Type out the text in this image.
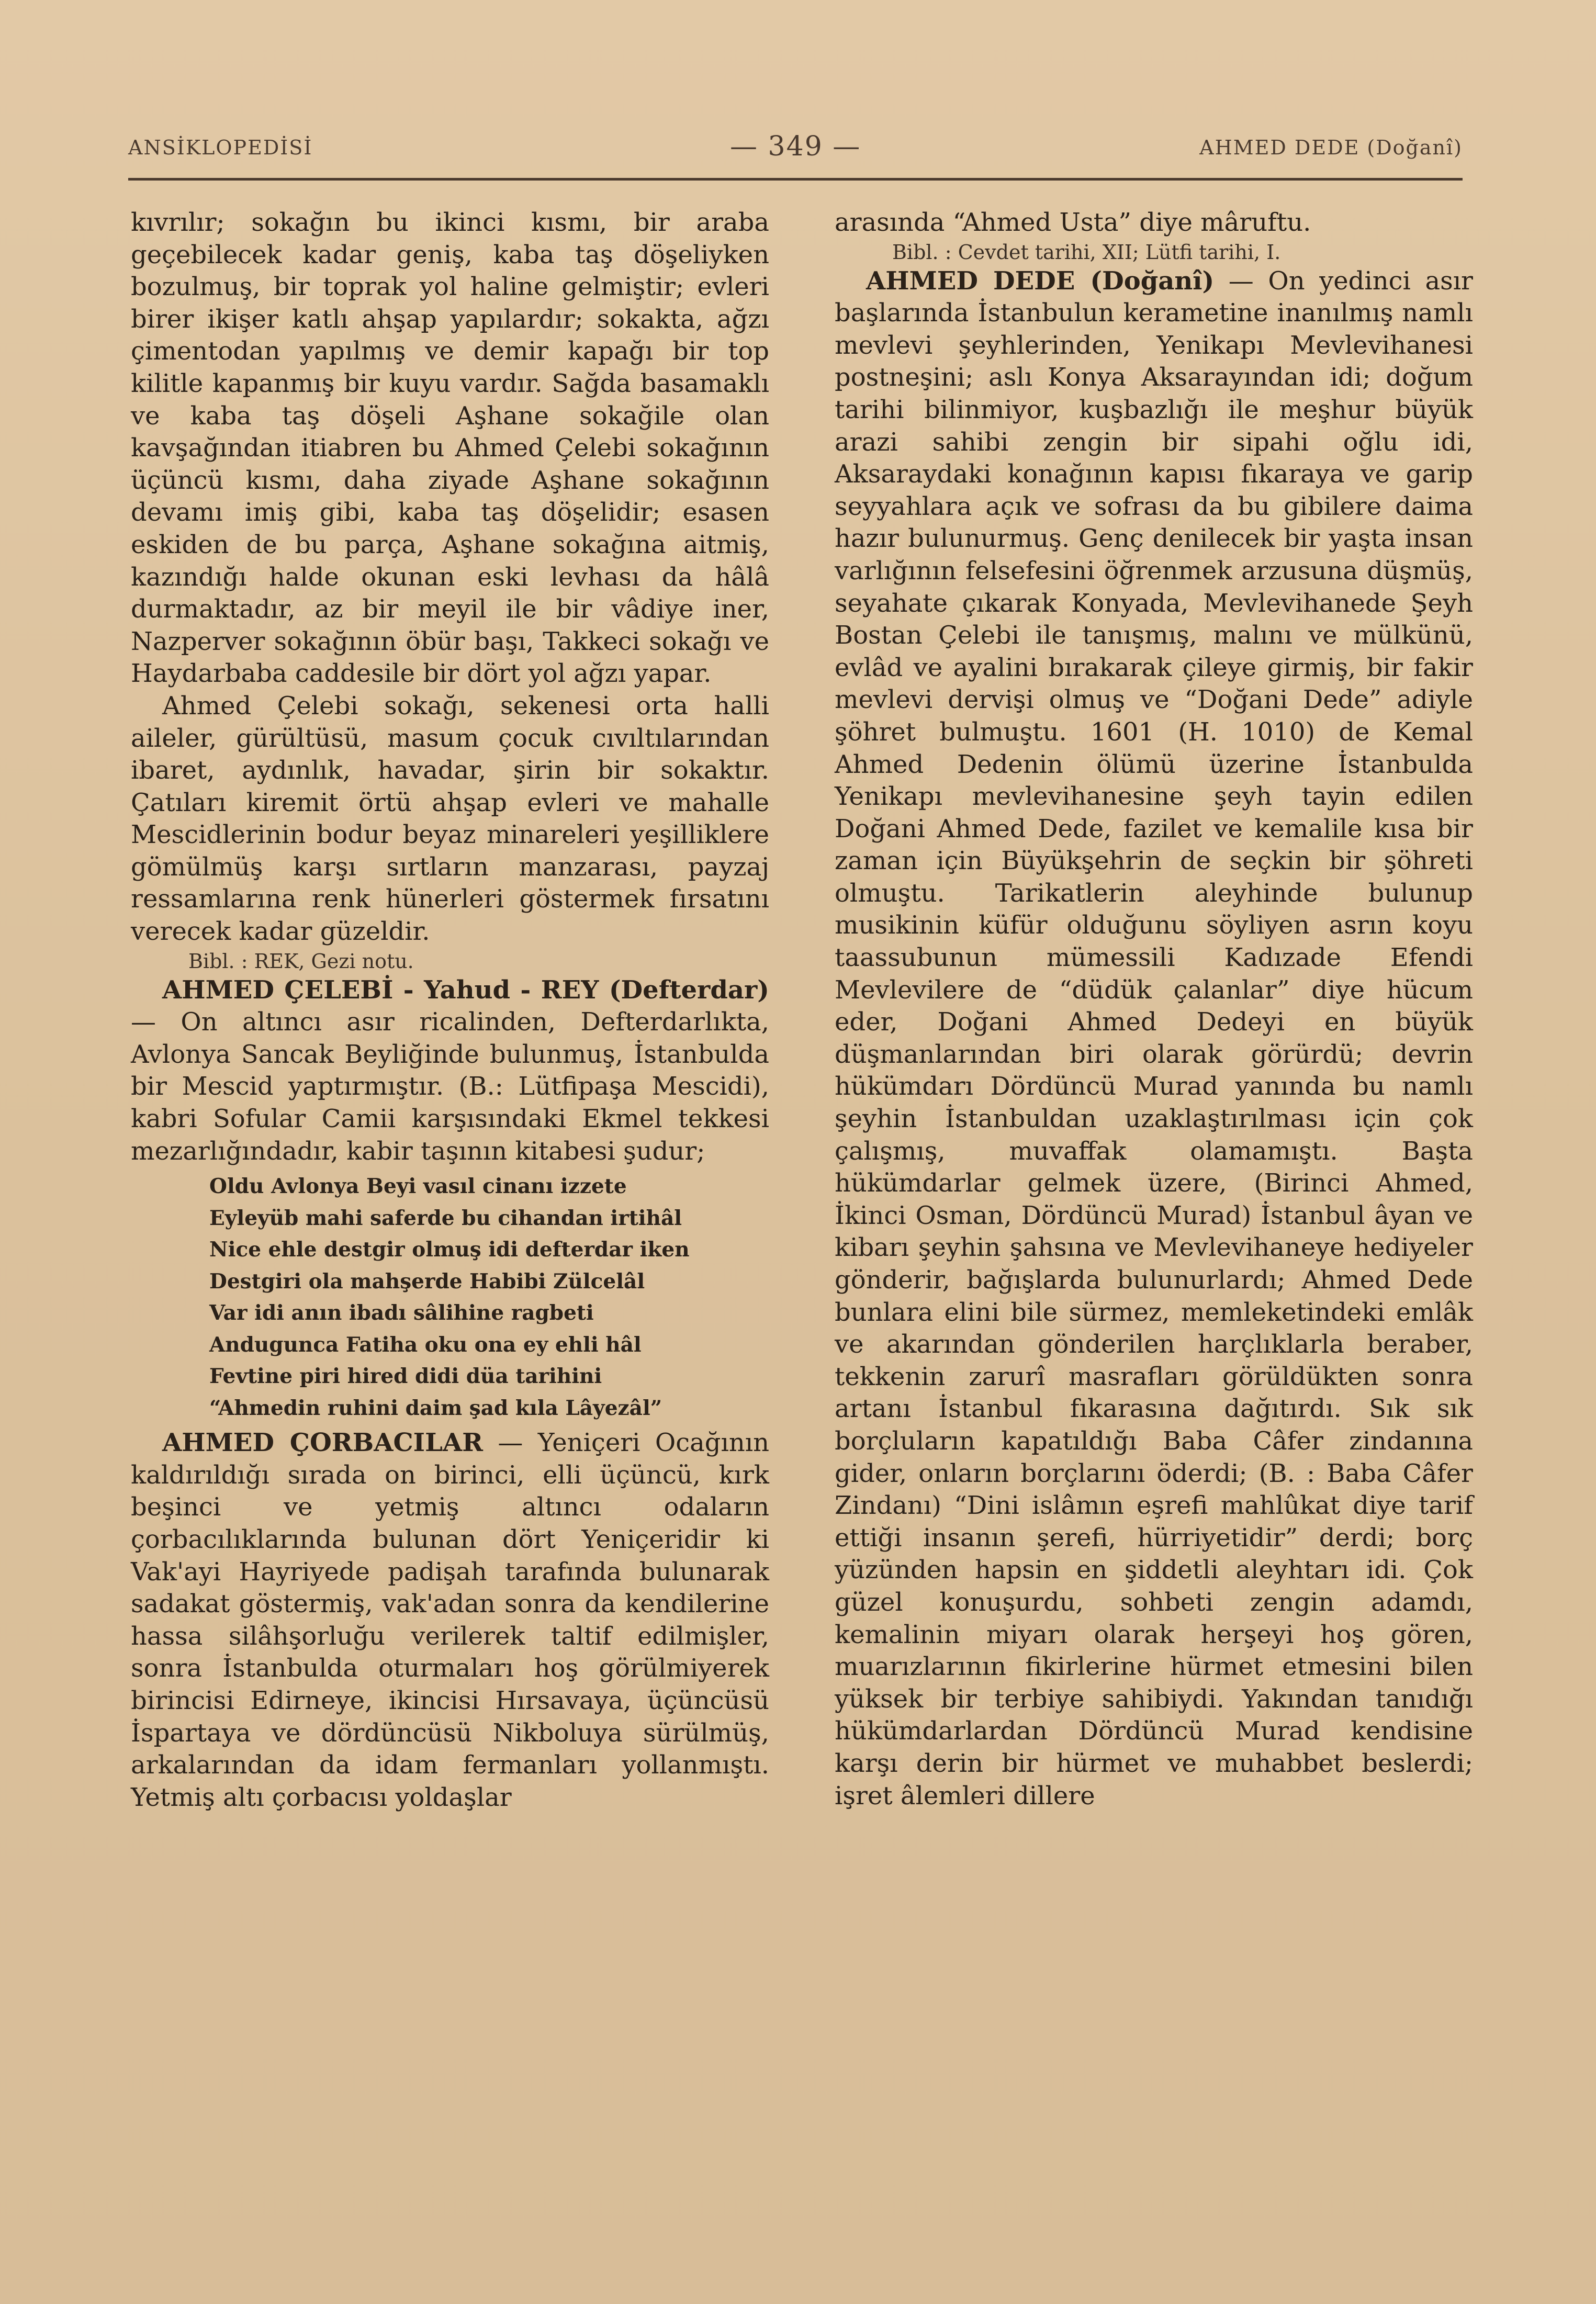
ANSİKLOPEDİSİ	— 349 —	AHMED DEDE (Doğanî)

kıvrılır; sokağın bu ikinci kısmı, bir araba geçebilecek kadar geniş, kaba taş döşeliyken bozulmuş, bir toprak yol haline gelmiştir; evleri birer ikişer katlı ahşap yapılardır; sokakta, ağzı çimentodan yapılmış ve demir kapağı bir top kilitle kapanmış bir kuyu vardır. Sağda basamaklı ve kaba taş döşeli Aşhane sokağile olan kavşağından itiabren bu Ahmed Çelebi sokağının üçüncü kısmı, daha ziyade Aşhane sokağının devamı imiş gibi, kaba taş döşelidir; esasen eskiden de bu parça, Aşhane sokağına aitmiş, kazındığı halde okunan eski levhası da hâlâ durmaktadır, az bir meyil ile bir vâdiye iner, Nazperver sokağının öbür başı, Takkeci sokağı ve Haydarbaba caddesile bir dört yol ağzı yapar.

Ahmed Çelebi sokağı, sekenesi orta halli aileler, gürültüsü, masum çocuk cıvıltılarından ibaret, aydınlık, havadar, şirin bir sokaktır. Çatıları kiremit örtü ahşap evleri ve mahalle Mescidlerinin bodur beyaz minareleri yeşilliklere gömülmüş karşı sırtların manzarası, payzaj ressamlarına renk hünerleri göstermek fırsatını verecek kadar güzeldir.

Bibl. : REK, Gezi notu.

AHMED ÇELEBİ - Yahud - REY (Defterdar) — On altıncı asır ricalinden, Defterdarlıkta, Avlonya Sancak Beyliğinde bulunmuş, İstanbulda bir Mescid yaptırmıştır. (B.: Lütfipaşa Mescidi), kabri Sofular Camii karşısındaki Ekmel tekkesi mezarlığındadır, kabir taşının kitabesi şudur;

Oldu Avlonya Beyi vasıl cinanı izzete
Eyleyüb mahi saferde bu cihandan irtihâl
Nice ehle destgir olmuş idi defterdar iken
Destgiri ola mahşerde Habibi Zülcelâl
Var idi anın ibadı sâlihine ragbeti
Andugunca Fatiha oku ona ey ehli hâl
Fevtine piri hired didi düa tarihini
“Ahmedin ruhini daim şad kıla Lâyezâl”

AHMED ÇORBACILAR — Yeniçeri Ocağının kaldırıldığı sırada on birinci, elli üçüncü, kırk beşinci ve yetmiş altıncı odaların çorbacılıklarında bulunan dört Yeniçeridir ki Vak'ayi Hayriyede padişah tarafında bulunarak sadakat göstermiş, vak'adan sonra da kendilerine hassa silâhşorluğu verilerek taltif edilmişler, sonra İstanbulda oturmaları hoş görülmiyerek birincisi Edirneye, ikincisi Hırsavaya, üçüncüsü İspartaya ve dördüncüsü Nikboluya sürülmüş, arkalarından da idam fermanları yollanmıştı. Yetmiş altı çorbacısı yoldaşlar

arasında “Ahmed Usta” diye mâruftu.

Bibl. : Cevdet tarihi, XII; Lütfi tarihi, I.

AHMED DEDE (Doğanî) — On yedinci asır başlarında İstanbulun kerametine inanılmış namlı mevlevi şeyhlerinden, Yenikapı Mevlevihanesi postneşini; aslı Konya Aksarayından idi; doğum tarihi bilinmiyor, kuşbazlığı ile meşhur büyük arazi sahibi zengin bir sipahi oğlu idi, Aksaraydaki konağının kapısı fıkaraya ve garip seyyahlara açık ve sofrası da bu gibilere daima hazır bulunurmuş. Genç denilecek bir yaşta insan varlığının felsefesini öğrenmek arzusuna düşmüş, seyahate çıkarak Konyada, Mevlevihanede Şeyh Bostan Çelebi ile tanışmış, malını ve mülkünü, evlâd ve ayalini bırakarak çileye girmiş, bir fakir mevlevi dervişi olmuş ve “Doğani Dede” adiyle şöhret bulmuştu. 1601 (H. 1010) de Kemal Ahmed Dedenin ölümü üzerine İstanbulda Yenikapı mevlevihanesine şeyh tayin edilen Doğani Ahmed Dede, fazilet ve kemalile kısa bir zaman için Büyükşehrin de seçkin bir şöhreti olmuştu. Tarikatlerin aleyhinde bulunup musikinin küfür olduğunu söyliyen asrın koyu taassubunun mümessili Kadızade Efendi Mevlevilere de “düdük çalanlar” diye hücum eder, Doğani Ahmed Dedeyi en büyük düşmanlarından biri olarak görürdü; devrin hükümdarı Dördüncü Murad yanında bu namlı şeyhin İstanbuldan uzaklaştırılması için çok çalışmış, muvaffak olamamıştı. Başta hükümdarlar gelmek üzere, (Birinci Ahmed, İkinci Osman, Dördüncü Murad) İstanbul âyan ve kibarı şeyhin şahsına ve Mevlevihaneye hediyeler gönderir, bağışlarda bulunurlardı; Ahmed Dede bunlara elini bile sürmez, memleketindeki emlâk ve akarından gönderilen harçlıklarla beraber, tekkenin zarurî masrafları görüldükten sonra artanı İstanbul fıkarasına dağıtırdı. Sık sık borçluların kapatıldığı Baba Câfer zindanına gider, onların borçlarını öderdi; (B. : Baba Câfer Zindanı) “Dini islâmın eşrefi mahlûkat diye tarif ettiği insanın şerefi, hürriyetidir” derdi; borç yüzünden hapsin en şiddetli aleyhtarı idi. Çok güzel konuşurdu, sohbeti zengin adamdı, kemalinin miyarı olarak herşeyi hoş gören, muarızlarının fikirlerine hürmet etmesini bilen yüksek bir terbiye sahibiydi. Yakından tanıdığı hükümdarlardan Dördüncü Murad kendisine karşı derin bir hürmet ve muhabbet beslerdi; işret âlemleri dillere
